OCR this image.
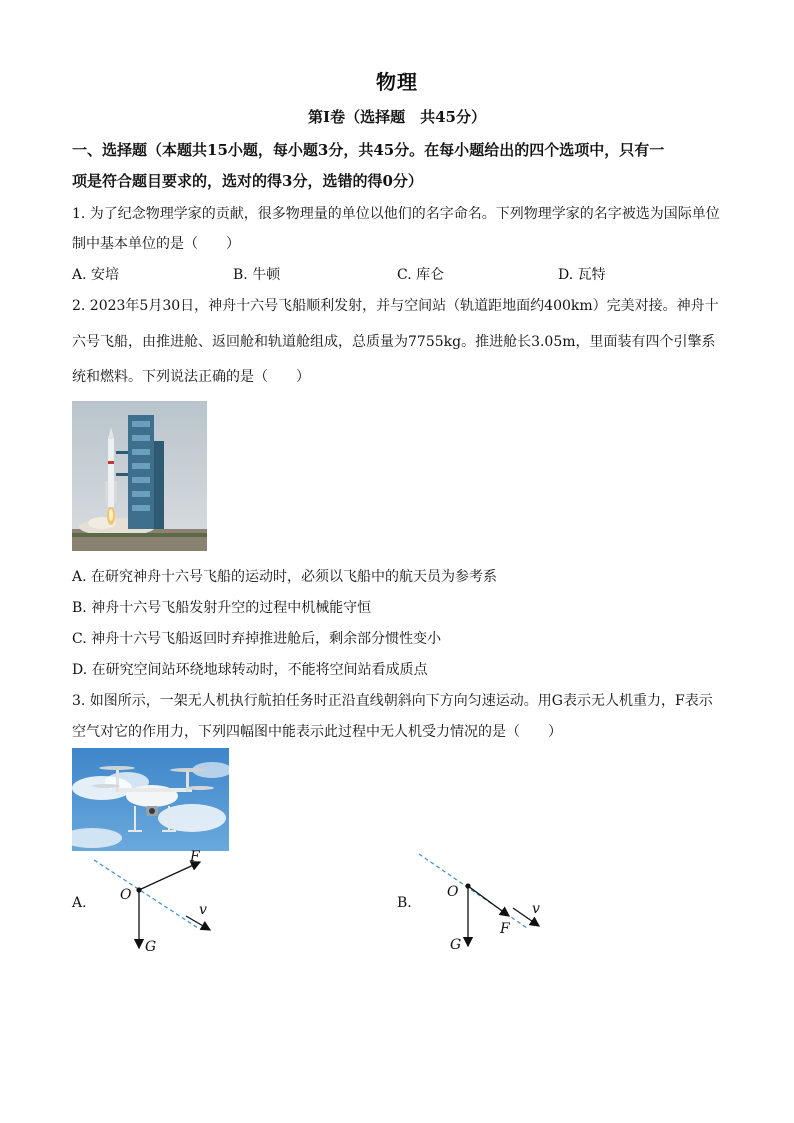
物理
第Ⅰ卷（选择题　共45分）
一、选择题（本题共15小题，每小题3分，共45分。在每小题给出的四个选项中，只有一
项是符合题目要求的，选对的得3分，选错的得0分）
1. 为了纪念物理学家的贡献，很多物理量的单位以他们的名字命名。下列物理学家的名字被选为国际单位
制中基本单位的是（　　）
A. 安培	B. 牛顿	C. 库仑	D. 瓦特
2. 2023年5月30日，神舟十六号飞船顺利发射，并与空间站（轨道距地面约400km）完美对接。神舟十
六号飞船，由推进舱、返回舱和轨道舱组成，总质量为7755kg。推进舱长3.05m，里面装有四个引擎系
统和燃料。下列说法正确的是（　　）
A. 在研究神舟十六号飞船的运动时，必须以飞船中的航天员为参考系
B. 神舟十六号飞船发射升空的过程中机械能守恒
C. 神舟十六号飞船返回时弃掉推进舱后，剩余部分惯性变小
D. 在研究空间站环绕地球转动时，不能将空间站看成质点
3. 如图所示，一架无人机执行航拍任务时正沿直线朝斜向下方向匀速运动。用G表示无人机重力，F表示
空气对它的作用力，下列四幅图中能表示此过程中无人机受力情况的是（　　）
A. O
F
G
v	B.
O
F
G
v
